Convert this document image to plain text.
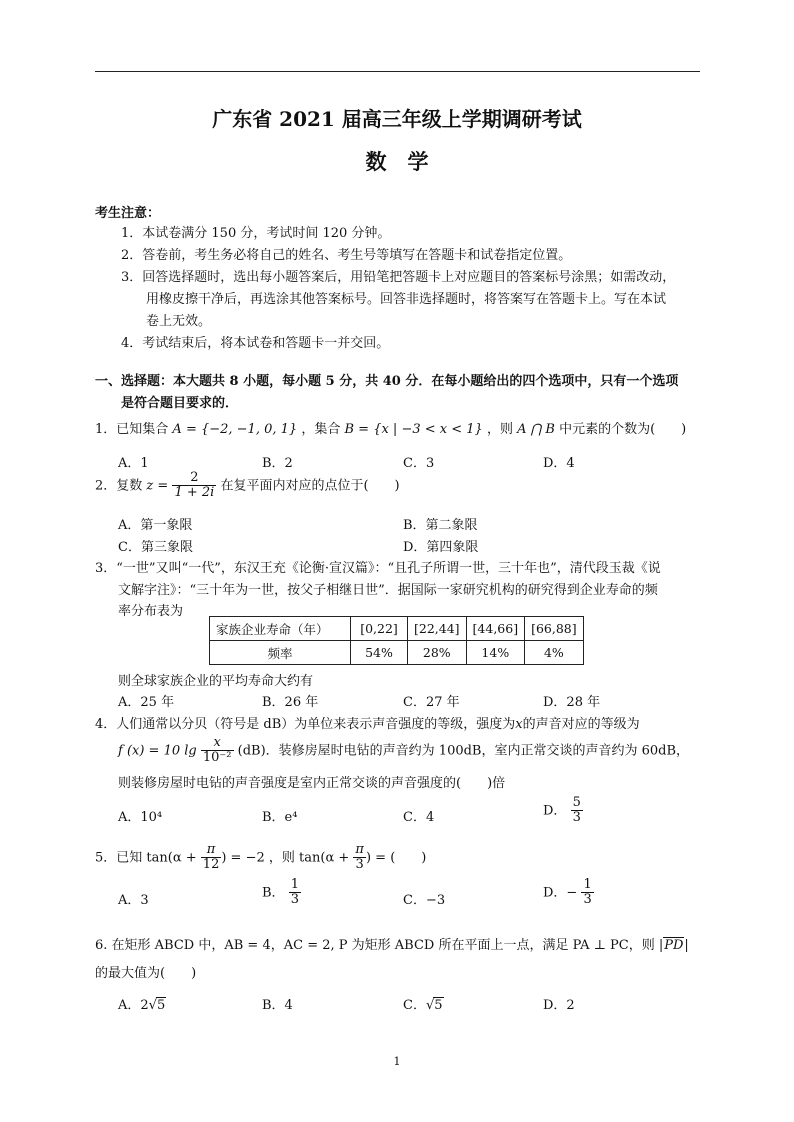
广东省 2021 届高三年级上学期调研考试
数　学
考生注意：
1．本试卷满分 150 分，考试时间 120 分钟。
2．答卷前，考生务必将自己的姓名、考生号等填写在答题卡和试卷指定位置。
3．回答选择题时，选出每小题答案后，用铅笔把答题卡上对应题目的答案标号涂黑；如需改动，
用橡皮擦干净后，再选涂其他答案标号。回答非选择题时，将答案写在答题卡上。写在本试
卷上无效。
4．考试结束后，将本试卷和答题卡一并交回。
一、选择题：本大题共 8 小题，每小题 5 分，共 40 分．在每小题给出的四个选项中，只有一个选项
是符合题目要求的．
1．已知集合 A = {−2, −1, 0, 1} ，集合 B = {x | −3 < x < 1} ，则 A ⋂ B 中元素的个数为(　　)
A．1	B．2	C．3	D．4
2．复数 $z = \frac{2}{1 + 2i}$ 在复平面内对应的点位于(　　)
A．第一象限	B．第二象限
C．第三象限	D．第四象限
3．“一世”又叫“一代”，东汉王充《论衡·宣汉篇》：“且孔子所谓一世，三十年也”，清代段玉裁《说
文解字注》：“三十年为一世，按父子相继日世”．据国际一家研究机构的研究得到企业寿命的频
率分布表为
家族企业寿命（年）	[0,22]	[22,44]	[44,66]	[66,88]
频率	54%	28%	14%	4%
则全球家族企业的平均寿命大约有
A．25 年	B．26 年	C．27 年	D．28 年
4．人们通常以分贝（符号是 dB）为单位来表示声音强度的等级，强度为x的声音对应的等级为
f (x) = 10 $\lg \frac{x}{\text{10⁻²}} (dB)$．装修房屋时电钻的声音约为 100dB，室内正常交谈的声音约为 60dB，
则装修房屋时电钻的声音强度是室内正常交谈的声音强度的(　　)倍
A．10⁴	B．e⁴	C．4	D． $\frac{5}{3}$
5．已知 $\tan(\alpha + \frac{\pi}{12}$ ) = −2 ，则 $\tan(\alpha + \frac{\pi}{3}$ ) = (　　)
A．3
B． $\frac{1}{3}$	C．−3
D．− $\frac{1}{3}$
6. 在矩形 ABCD 中，AB = 4，AC = 2, P 为矩形 ABCD 所在平面上一点，满足 PA ⊥ PC，则 |PD|
的最大值为(　　)
A．2√5	B．4	C．√5	D．2
1
